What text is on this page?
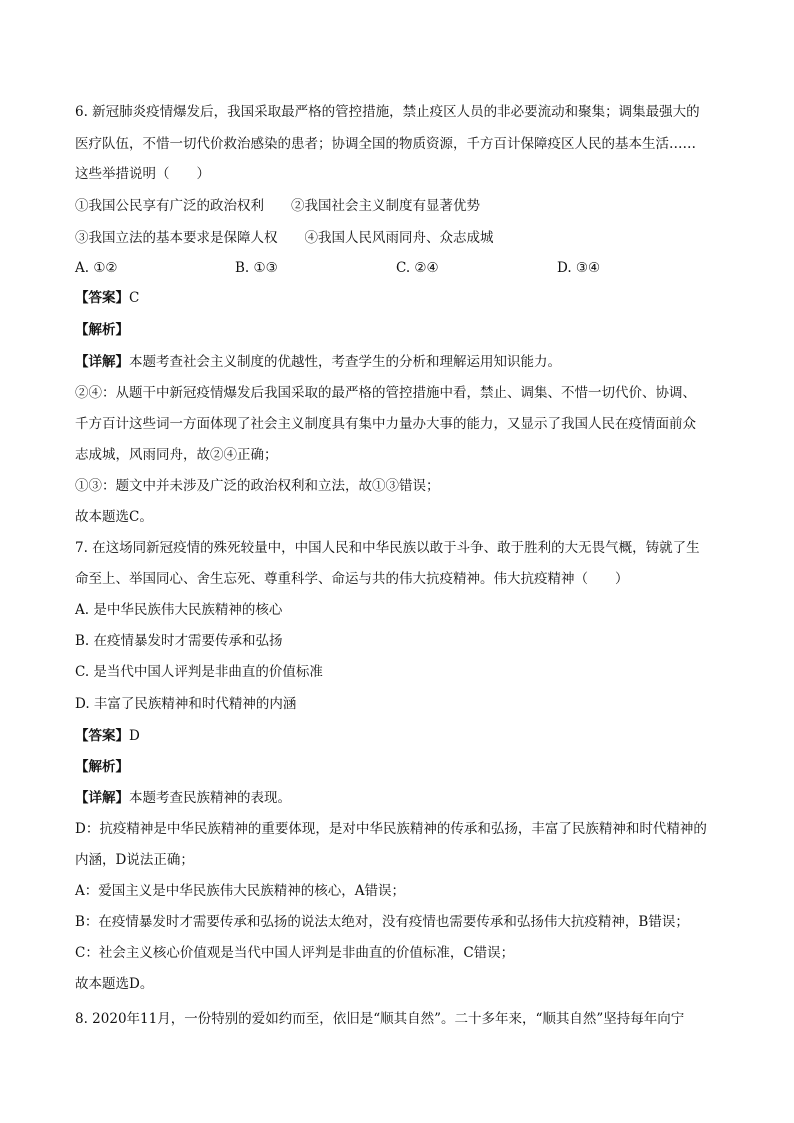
6. 新冠肺炎疫情爆发后，我国采取最严格的管控措施，禁止疫区人员的非必要流动和聚集；调集最强大的
医疗队伍，不惜一切代价救治感染的患者；协调全国的物质资源，千方百计保障疫区人民的基本生活……
这些举措说明（　　）
①我国公民享有广泛的政治权利　　②我国社会主义制度有显著优势
③我国立法的基本要求是保障人权　　④我国人民风雨同舟、众志成城
A. ①②	B. ①③	C. ②④	D. ③④
【答案】C
【解析】
【详解】本题考查社会主义制度的优越性，考查学生的分析和理解运用知识能力。
②④：从题干中新冠疫情爆发后我国采取的最严格的管控措施中看，禁止、调集、不惜一切代价、协调、
千方百计这些词一方面体现了社会主义制度具有集中力量办大事的能力，又显示了我国人民在疫情面前众
志成城，风雨同舟，故②④正确；
①③：题文中并未涉及广泛的政治权利和立法，故①③错误；
故本题选C。
7. 在这场同新冠疫情的殊死较量中，中国人民和中华民族以敢于斗争、敢于胜利的大无畏气概，铸就了生
命至上、举国同心、舍生忘死、尊重科学、命运与共的伟大抗疫精神。伟大抗疫精神（　　）
A. 是中华民族伟大民族精神的核心
B. 在疫情暴发时才需要传承和弘扬
C. 是当代中国人评判是非曲直的价值标准
D. 丰富了民族精神和时代精神的内涵
【答案】D
【解析】
【详解】本题考查民族精神的表现。
D：抗疫精神是中华民族精神的重要体现，是对中华民族精神的传承和弘扬，丰富了民族精神和时代精神的
内涵，D说法正确；
A：爱国主义是中华民族伟大民族精神的核心，A错误；
B：在疫情暴发时才需要传承和弘扬的说法太绝对，没有疫情也需要传承和弘扬伟大抗疫精神，B错误；
C：社会主义核心价值观是当代中国人评判是非曲直的价值标准，C错误；
故本题选D。
8. 2020年11月，一份特别的爱如约而至，依旧是“顺其自然”。二十多年来，“顺其自然”坚持每年向宁
